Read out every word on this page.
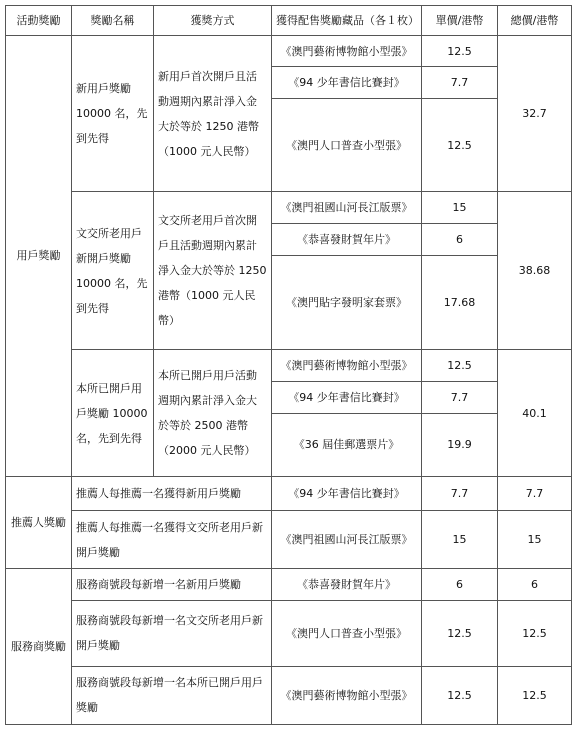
活動獎勵	獎勵名稱	獲獎方式	獲得配售獎勵藏品（各１枚）	單價/港幣	總價/港幣

用戶獎勵	新用戶獎勵 10000 名，先到先得	新用戶首次開戶且活動週期內累計淨入金大於等於 1250 港幣（1000 元人民幣）	《澳門藝術博物館小型張》	12.5	32.7
			《94 少年書信比賽封》	7.7	
			《澳門人口普查小型張》	12.5	
	文交所老用戶新開戶獎勵 10000 名，先到先得	文交所老用戶首次開戶且活動週期內累計淨入金大於等於 1250 港幣（1000 元人民幣）	《澳門祖國山河長江版票》	15	38.68
			《恭喜發財賀年片》	6	
			《澳門貼字發明家套票》	17.68	
	本所已開戶用戶獎勵 10000 名，先到先得	本所已開戶用戶活動週期內累計淨入金大於等於 2500 港幣（2000 元人民幣）	《澳門藝術博物館小型張》	12.5	40.1
			《94 少年書信比賽封》	7.7	
			《36 屆佳郵選票片》	19.9	
推薦人獎勵	推薦人每推薦一名獲得新用戶獎勵		《94 少年書信比賽封》	7.7	7.7
	推薦人每推薦一名獲得文交所老用戶新開戶獎勵		《澳門祖國山河長江版票》	15	15
服務商獎勵	服務商號段每新增一名新用戶獎勵		《恭喜發財賀年片》	6	6
	服務商號段每新增一名文交所老用戶新開戶獎勵		《澳門人口普查小型張》	12.5	12.5
	服務商號段每新增一名本所已開戶用戶獎勵		《澳門藝術博物館小型張》	12.5	12.5
